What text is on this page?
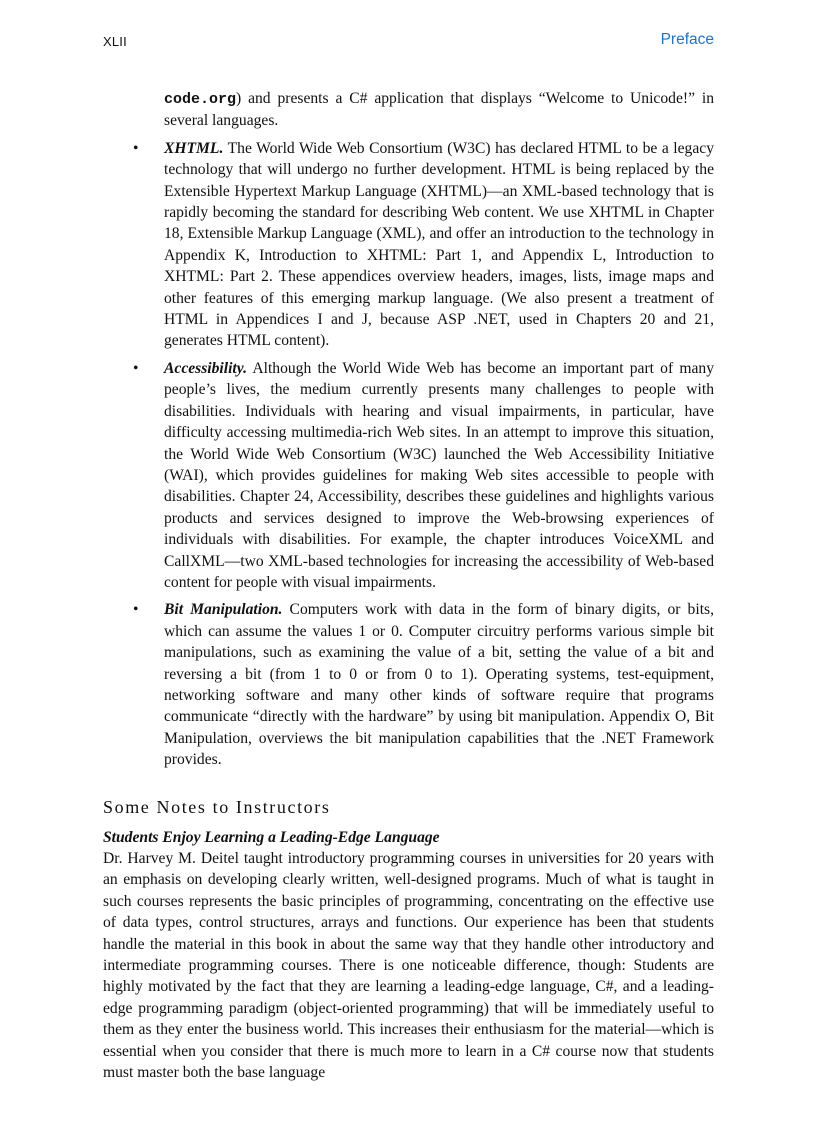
XLII	Preface

code.org) and presents a C# application that displays “Welcome to Unicode!” in several languages.

• XHTML. The World Wide Web Consortium (W3C) has declared HTML to be a legacy technology that will undergo no further development. HTML is being replaced by the Extensible Hypertext Markup Language (XHTML)—an XML-based technology that is rapidly becoming the standard for describing Web content. We use XHTML in Chapter 18, Extensible Markup Language (XML), and offer an introduction to the technology in Appendix K, Introduction to XHTML: Part 1, and Appendix L, Introduction to XHTML: Part 2. These appendices overview headers, images, lists, image maps and other features of this emerging markup language. (We also present a treatment of HTML in Appendices I and J, because ASP .NET, used in Chapters 20 and 21, generates HTML content).
• Accessibility. Although the World Wide Web has become an important part of many people’s lives, the medium currently presents many challenges to people with disabilities. Individuals with hearing and visual impairments, in particular, have difficulty accessing multimedia-rich Web sites. In an attempt to improve this situation, the World Wide Web Consortium (W3C) launched the Web Accessibility Initiative (WAI), which provides guidelines for making Web sites accessible to people with disabilities. Chapter 24, Accessibility, describes these guidelines and highlights various products and services designed to improve the Web-browsing experiences of individuals with disabilities. For example, the chapter introduces VoiceXML and CallXML—two XML-based technologies for increasing the accessibility of Web-based content for people with visual impairments.
• Bit Manipulation. Computers work with data in the form of binary digits, or bits, which can assume the values 1 or 0. Computer circuitry performs various simple bit manipulations, such as examining the value of a bit, setting the value of a bit and reversing a bit (from 1 to 0 or from 0 to 1). Operating systems, test-equipment, networking software and many other kinds of software require that programs communicate “directly with the hardware” by using bit manipulation. Appendix O, Bit Manipulation, overviews the bit manipulation capabilities that the .NET Framework provides.
Some Notes to Instructors
Students Enjoy Learning a Leading-Edge Language

Dr. Harvey M. Deitel taught introductory programming courses in universities for 20 years with an emphasis on developing clearly written, well-designed programs. Much of what is taught in such courses represents the basic principles of programming, concentrating on the effective use of data types, control structures, arrays and functions. Our experience has been that students handle the material in this book in about the same way that they handle other introductory and intermediate programming courses. There is one noticeable difference, though: Students are highly motivated by the fact that they are learning a leading-edge language, C#, and a leading-edge programming paradigm (object-oriented programming) that will be immediately useful to them as they enter the business world. This increases their enthusiasm for the material—which is essential when you consider that there is much more to learn in a C# course now that students must master both the base language
